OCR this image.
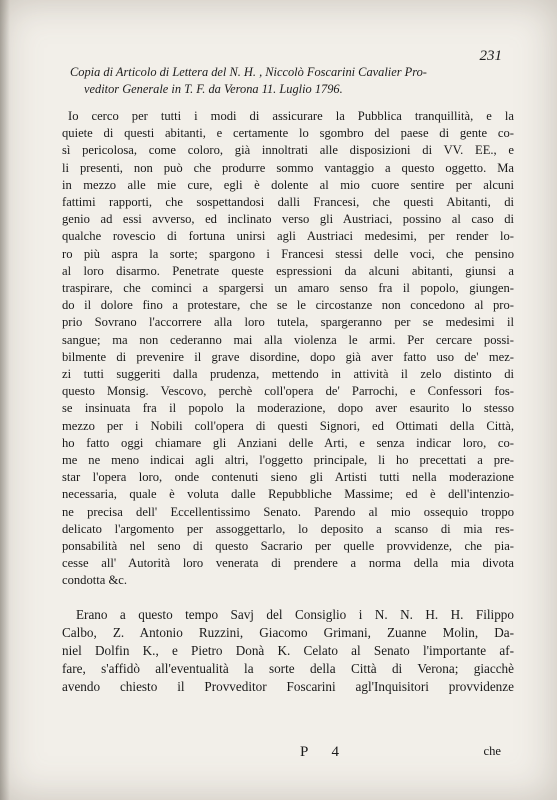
231
Copia di Articolo di Lettera del N. H. , Niccolò Foscarini Cavalier Pro-
veditor Generale in T. F. da Verona 11. Luglio 1796.
Io cerco per tutti i modi di assicurare la Pubblica tranquillità, e la
quiete di questi abitanti, e certamente lo sgombro del paese di gente co-
sì pericolosa, come coloro, già innoltrati alle disposizioni di VV. EE., e
li presenti, non può che produrre sommo vantaggio a questo oggetto. Ma
in mezzo alle mie cure, egli è dolente al mio cuore sentire per alcuni
fattimi rapporti, che sospettandosi dalli Francesi, che questi Abitanti, di
genio ad essi avverso, ed inclinato verso gli Austriaci, possino al caso di
qualche rovescio di fortuna unirsi agli Austriaci medesimi, per render lo-
ro più aspra la sorte; spargono i Francesi stessi delle voci, che pensino
al loro disarmo. Penetrate queste espressioni da alcuni abitanti, giunsi a
traspirare, che cominci a spargersi un amaro senso fra il popolo, giungen-
do il dolore fino a protestare, che se le circostanze non concedono al pro-
prio Sovrano l'accorrere alla loro tutela, spargeranno per se medesimi il
sangue; ma non cederanno mai alla violenza le armi. Per cercare possi-
bilmente di prevenire il grave disordine, dopo già aver fatto uso de' mez-
zi tutti suggeriti dalla prudenza, mettendo in attività il zelo distinto di
questo Monsig. Vescovo, perchè coll'opera de' Parrochi, e Confessori fos-
se insinuata fra il popolo la moderazione, dopo aver esaurito lo stesso
mezzo per i Nobili coll'opera di questi Signori, ed Ottimati della Città,
ho fatto oggi chiamare gli Anziani delle Arti, e senza indicar loro, co-
me ne meno indicai agli altri, l'oggetto principale, li ho precettati a pre-
star l'opera loro, onde contenuti sieno gli Artisti tutti nella moderazione
necessaria, quale è voluta dalle Repubbliche Massime; ed è dell'intenzio-
ne precisa dell' Eccellentissimo Senato. Parendo al mio ossequio troppo
delicato l'argomento per assoggettarlo, lo deposito a scanso di mia res-
ponsabilità nel seno di questo Sacrario per quelle provvidenze, che pia-
cesse all' Autorità loro venerata di prendere a norma della mia divota
condotta &c.
Erano a questo tempo Savj del Consiglio i N. N. H. H. Filippo
Calbo, Z. Antonio Ruzzini, Giacomo Grimani, Zuanne Molin, Da-
niel Dolfin K., e Pietro Donà K. Celato al Senato l'importante af-
fare, s'affidò all'eventualità la sorte della Città di Verona; giacchè
avendo chiesto il Provveditor Foscarini agl'Inquisitori provvidenze
P 4	che
